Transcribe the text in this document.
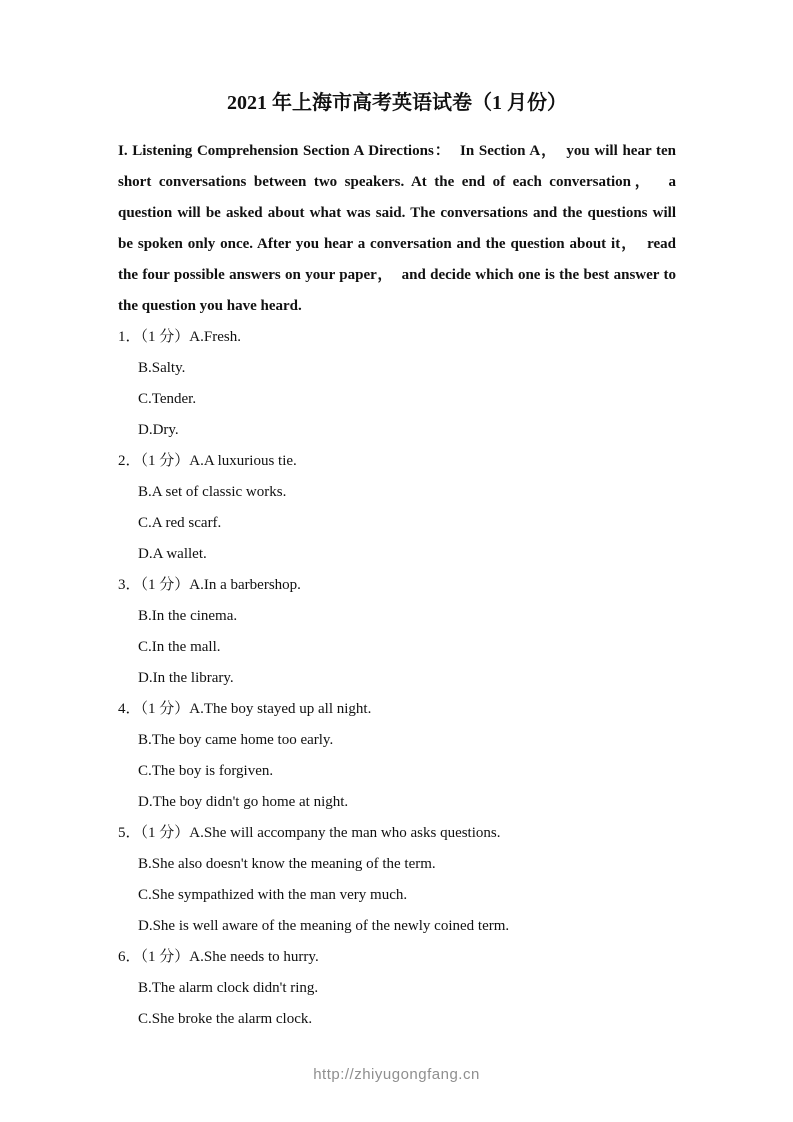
2021 年上海市高考英语试卷（1 月份）

I. Listening Comprehension Section A Directions：  In Section A，  you will hear ten short conversations between two speakers. At the end of each conversation，  a question will be asked about what was said. The conversations and the questions will be spoken only once. After you hear a conversation and the question about it，  read the four possible answers on your paper，  and decide which one is the best answer to the question you have heard.

1．（1 分）A.Fresh.
B.Salty.
C.Tender.
D.Dry.
2．（1 分）A.A luxurious tie.
B.A set of classic works.
C.A red scarf.
D.A wallet.
3．（1 分）A.In a barbershop.
B.In the cinema.
C.In the mall.
D.In the library.
4．（1 分）A.The boy stayed up all night.
B.The boy came home too early.
C.The boy is forgiven.
D.The boy didn't go home at night.
5．（1 分）A.She will accompany the man who asks questions.
B.She also doesn't know the meaning of the term.
C.She sympathized with the man very much.
D.She is well aware of the meaning of the newly coined term.
6．（1 分）A.She needs to hurry.
B.The alarm clock didn't ring.
C.She broke the alarm clock.
http://zhiyugongfang.cn
